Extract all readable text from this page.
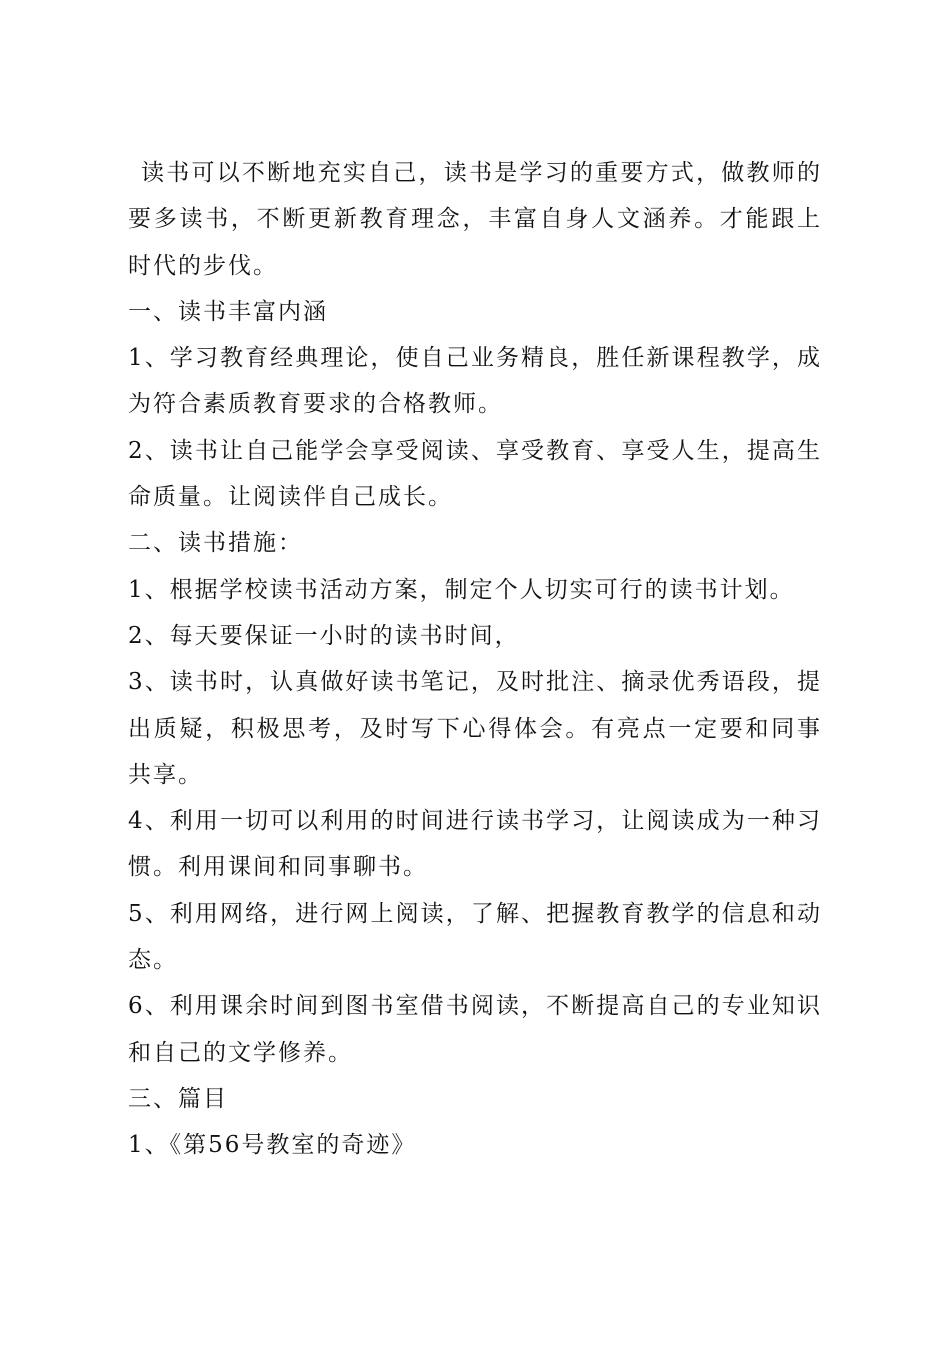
读书可以不断地充实自己，读书是学习的重要方式，做教师的要多读书，不断更新教育理念，丰富自身人文涵养。才能跟上时代的步伐。

一、读书丰富内涵

1、学习教育经典理论，使自己业务精良，胜任新课程教学，成为符合素质教育要求的合格教师。

2、读书让自己能学会享受阅读、享受教育、享受人生，提高生命质量。让阅读伴自己成长。

二、读书措施：

1、根据学校读书活动方案，制定个人切实可行的读书计划。

2、每天要保证一小时的读书时间，

3、读书时，认真做好读书笔记，及时批注、摘录优秀语段，提出质疑，积极思考，及时写下心得体会。有亮点一定要和同事共享。

4、利用一切可以利用的时间进行读书学习，让阅读成为一种习惯。利用课间和同事聊书。

5、利用网络，进行网上阅读，了解、把握教育教学的信息和动态。

6、利用课余时间到图书室借书阅读，不断提高自己的专业知识和自己的文学修养。

三、篇目

1、《第56号教室的奇迹》
